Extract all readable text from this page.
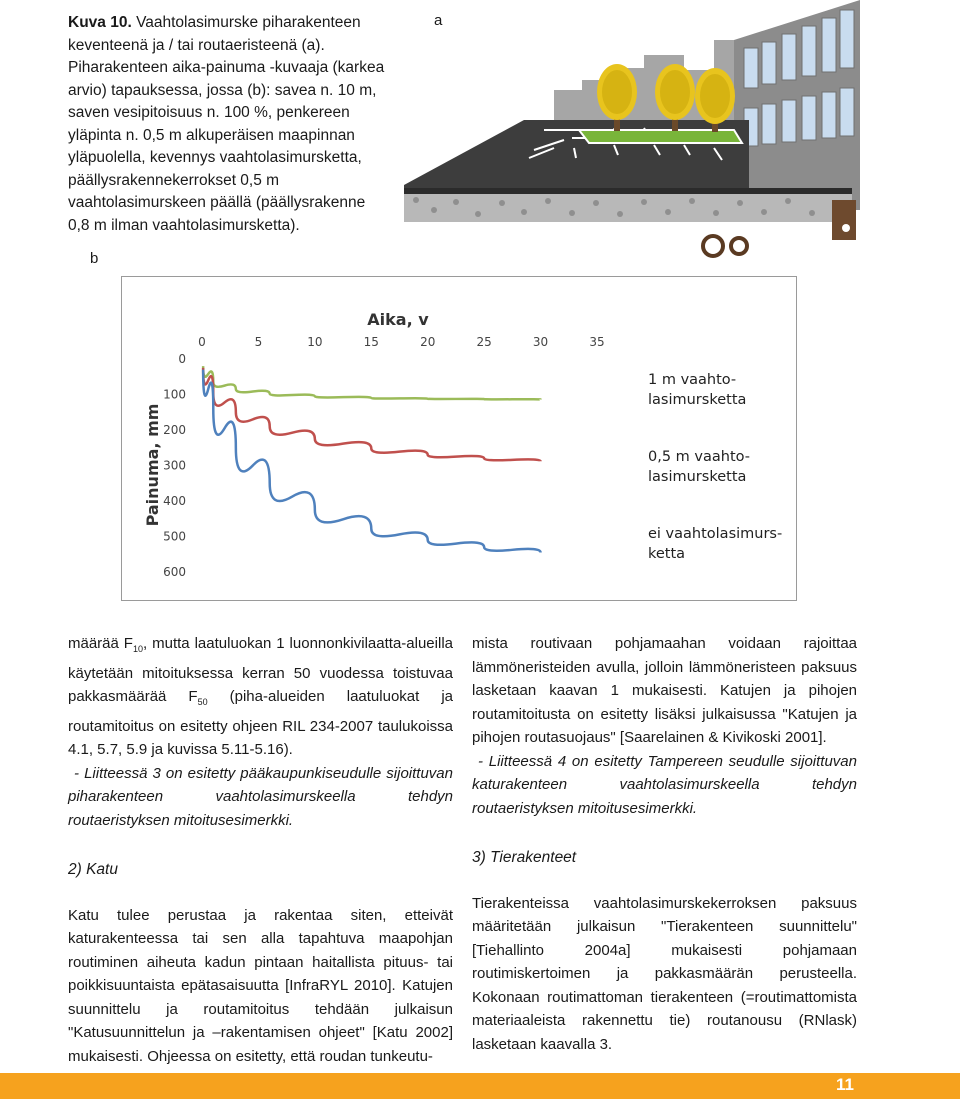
Kuva 10. Vaahtolasimurske piharakenteen keventeenä ja / tai routaeristeenä (a). Piharakenteen aika-painuma -kuvaaja (karkea arvio) tapauksessa, jossa (b): savea n. 10 m, saven vesipitoisuus n. 100 %, penkereen yläpinta n. 0,5 m alkuperäisen maapinnan yläpuolella, kevennys vaahtolasimursketta, päällysrakennekerrokset 0,5 m vaahtolasimurskeen päällä (päällysrakenne 0,8 m ilman vaahtolasimursketta).
a
b
Aika, v
Painuma, mm
0	5	10	15	20	25	30	35
0
100
200
300
400
500
600
1 m vaahto-
lasimursketta
0,5 m vaahto-
lasimursketta
ei vaahtolasimurs-
ketta

määrää $F_{10}$, mutta laatuluokan 1 luonnonkivilaatta-alueilla käytetään mitoituksessa kerran 50 vuodessa toistuvaa pakkasmäärää $F_{50}$ (piha-alueiden laatuluokat ja routamitoitus on esitetty ohjeen RIL 234-2007 taulukoissa 4.1, 5.7, 5.9 ja kuvissa 5.11-5.16).

- Liitteessä 3 on esitetty pääkaupunkiseudulle sijoittuvan piharakenteen vaahtolasimurskeella tehdyn routaeristyksen mitoitusesimerkki.

2) Katu

Katu tulee perustaa ja rakentaa siten, etteivät katurakenteessa tai sen alla tapahtuva maapohjan routiminen aiheuta kadun pintaan haitallista pituus- tai poikkisuuntaista epätasaisuutta [InfraRYL 2010]. Katujen suunnittelu ja routamitoitus tehdään julkaisun "Katusuunnittelun ja –rakentamisen ohjeet" [Katu 2002] mukaisesti. Ohjeessa on esitetty, että roudan tunkeutu-

mista routivaan pohjamaahan voidaan rajoittaa lämmöneristeiden avulla, jolloin lämmöneristeen paksuus lasketaan kaavan 1 mukaisesti. Katujen ja pihojen routamitoitusta on esitetty lisäksi julkaisussa "Katujen ja pihojen routasuojaus" [Saarelainen & Kivikoski 2001].

- Liitteessä 4 on esitetty Tampereen seudulle sijoittuvan katurakenteen vaahtolasimurskeella tehdyn routaeristyksen mitoitusesimerkki.

3) Tierakenteet

Tierakenteissa vaahtolasimurskekerroksen paksuus määritetään julkaisun "Tierakenteen suunnittelu" [Tiehallinto 2004a] mukaisesti pohjamaan routimiskertoimen ja pakkasmäärän perusteella. Kokonaan routimattoman tierakenteen (=routimattomista materiaaleista rakennettu tie) routanousu (RNlask) lasketaan kaavalla 3.

11
